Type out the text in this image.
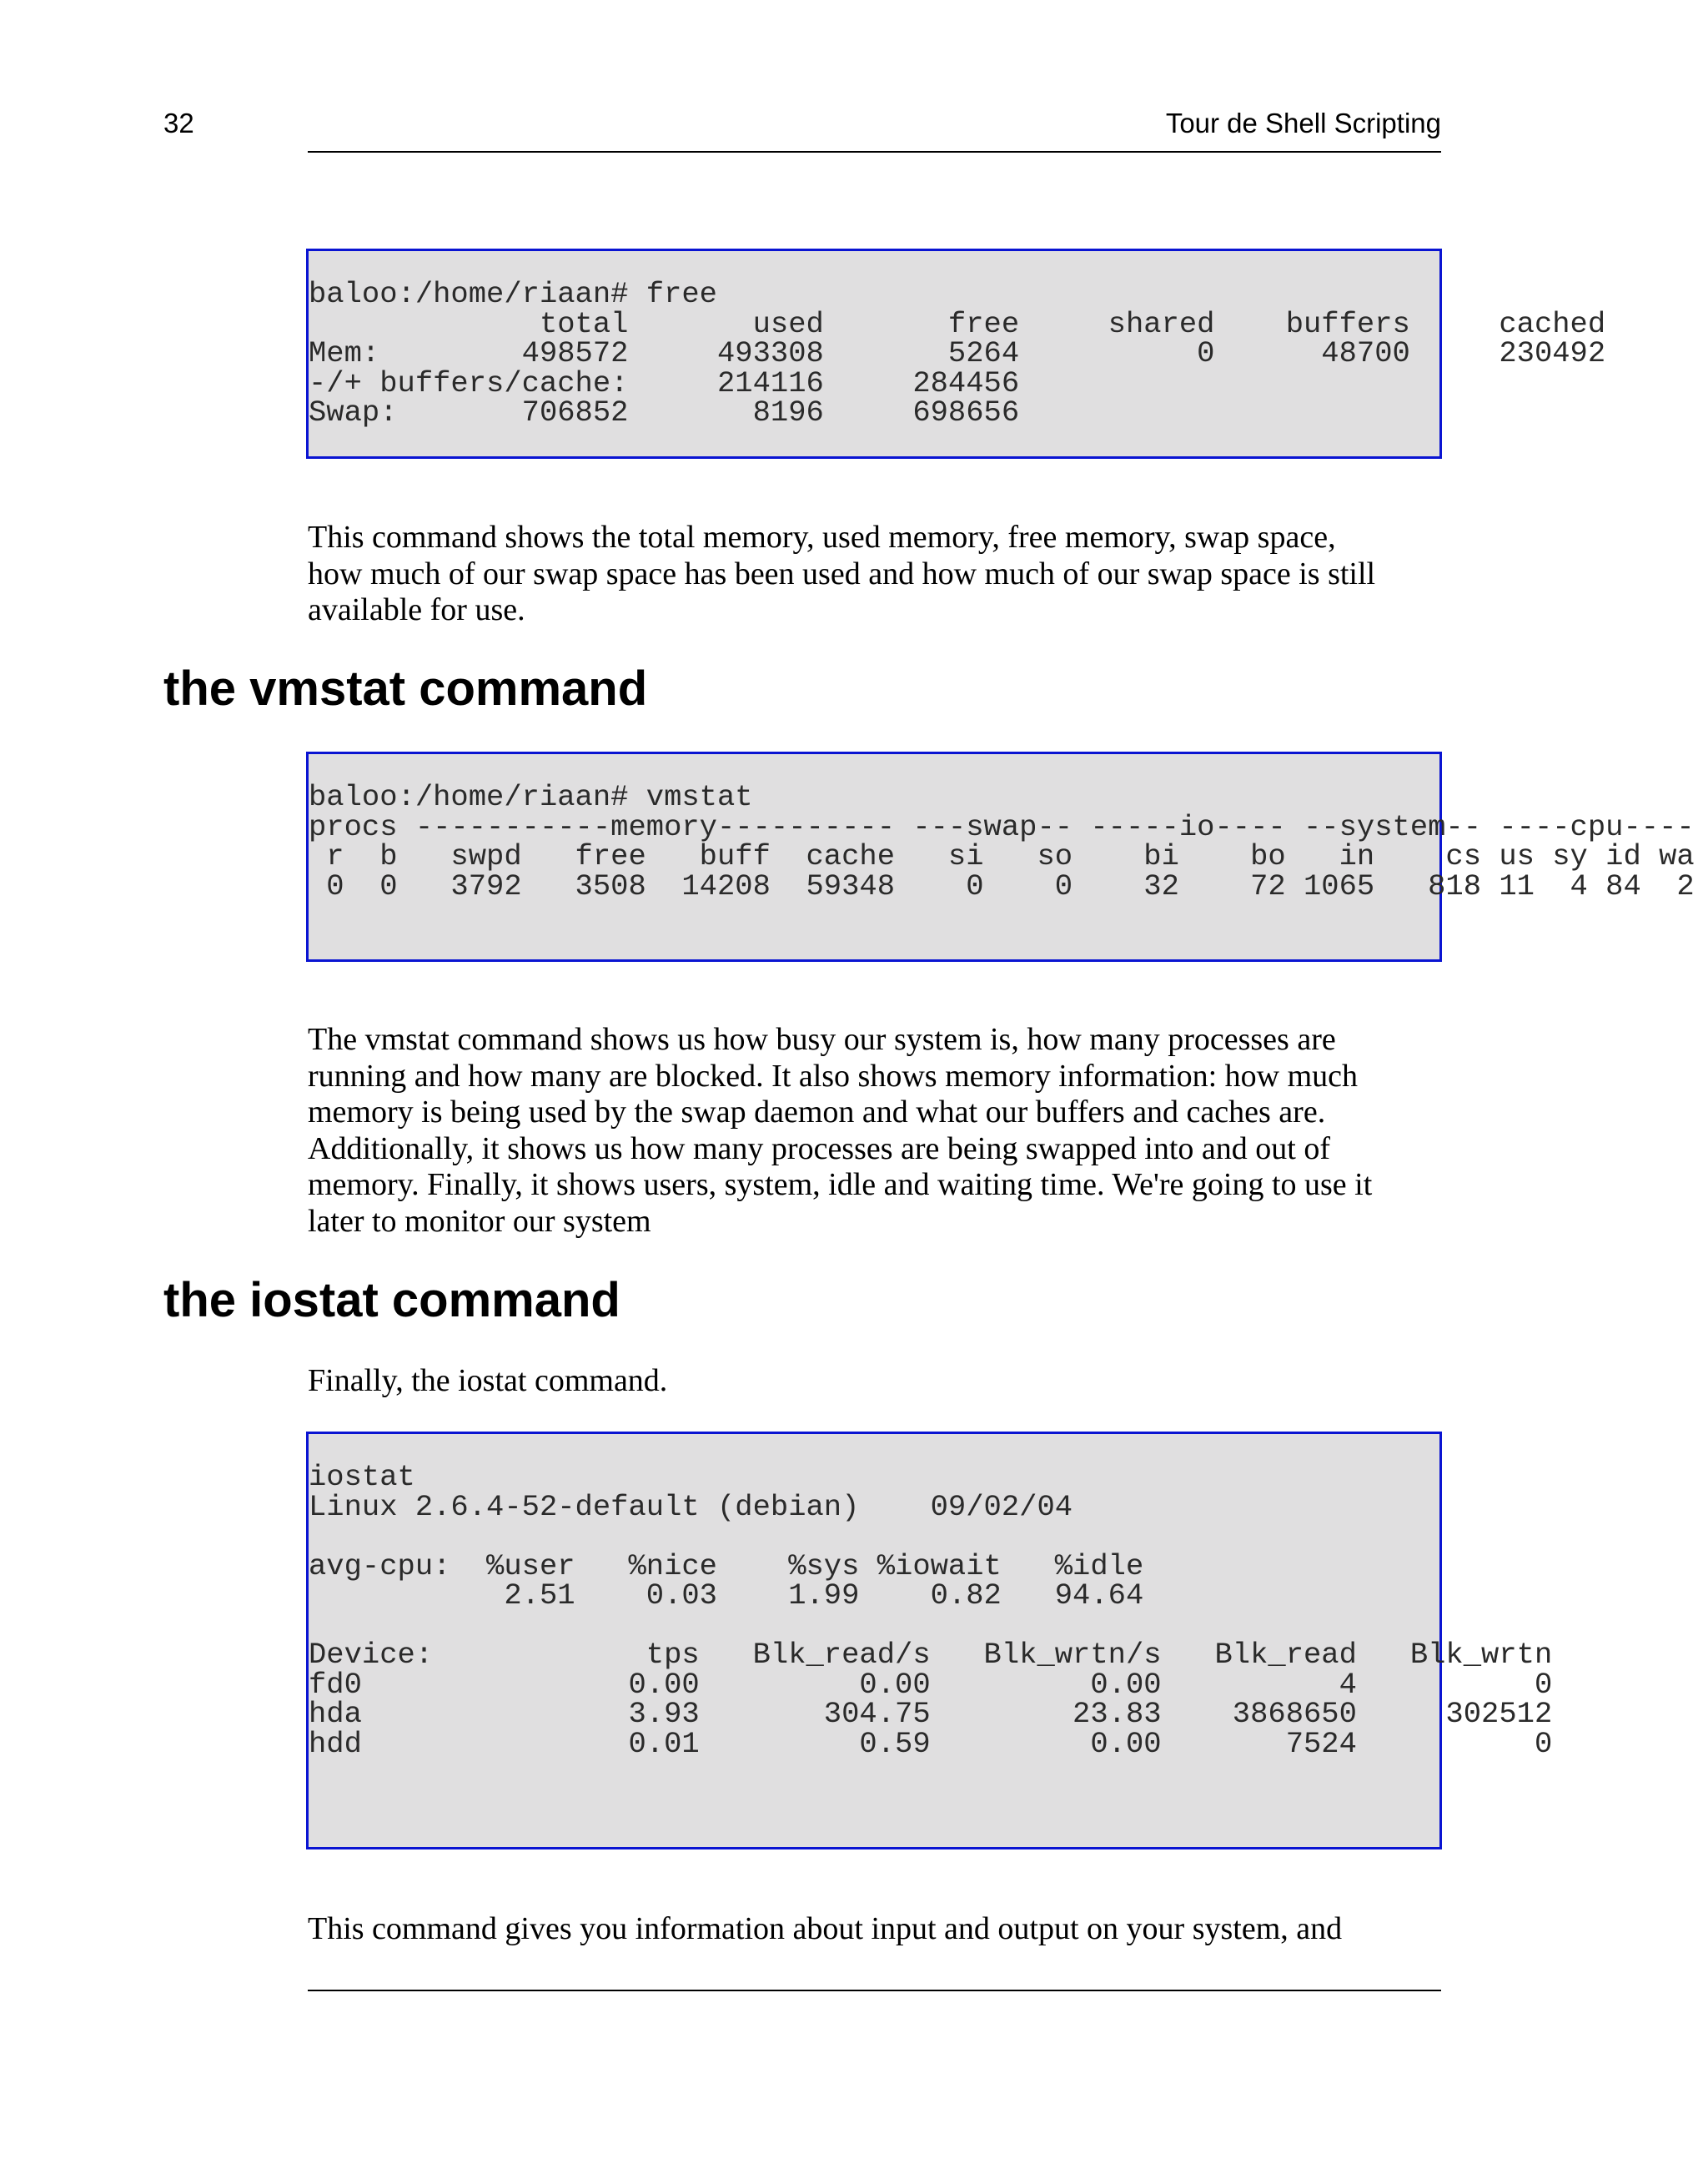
32	Tour de Shell Scripting
baloo:/home/riaan# free
total       used       free     shared    buffers     cached
Mem:        498572     493308       5264          0      48700     230492
-/+ buffers/cache:     214116     284456
Swap:       706852       8196     698656

This command shows the total memory, used memory, free memory, swap space,
how much of our swap space has been used and how much of our swap space is still
available for use.

the vmstat command
baloo:/home/riaan# vmstat
procs -----------memory---------- ---swap-- -----io---- --system-- ----cpu----
r  b   swpd   free   buff  cache   si   so    bi    bo   in    cs us sy id wa
0  0   3792   3508  14208  59348    0    0    32    72 1065   818 11  4 84  2

The vmstat command shows us how busy our system is, how many processes are
running and how many are blocked. It also shows memory information: how much
memory is being used by the swap daemon and what our buffers and caches are.
Additionally, it shows us how many processes are being swapped into and out of
memory. Finally, it shows users, system, idle and waiting time. We're going to use it
later to monitor our system

the iostat command

Finally, the iostat command.

iostat
Linux 2.6.4-52-default (debian)    09/02/04

avg-cpu:  %user   %nice    %sys %iowait   %idle
2.51    0.03    1.99    0.82   94.64

Device:            tps   Blk_read/s   Blk_wrtn/s   Blk_read   Blk_wrtn
fd0               0.00         0.00         0.00          4          0
hda               3.93       304.75        23.83    3868650     302512
hdd               0.01         0.59         0.00       7524          0

This command gives you information about input and output on your system, and
